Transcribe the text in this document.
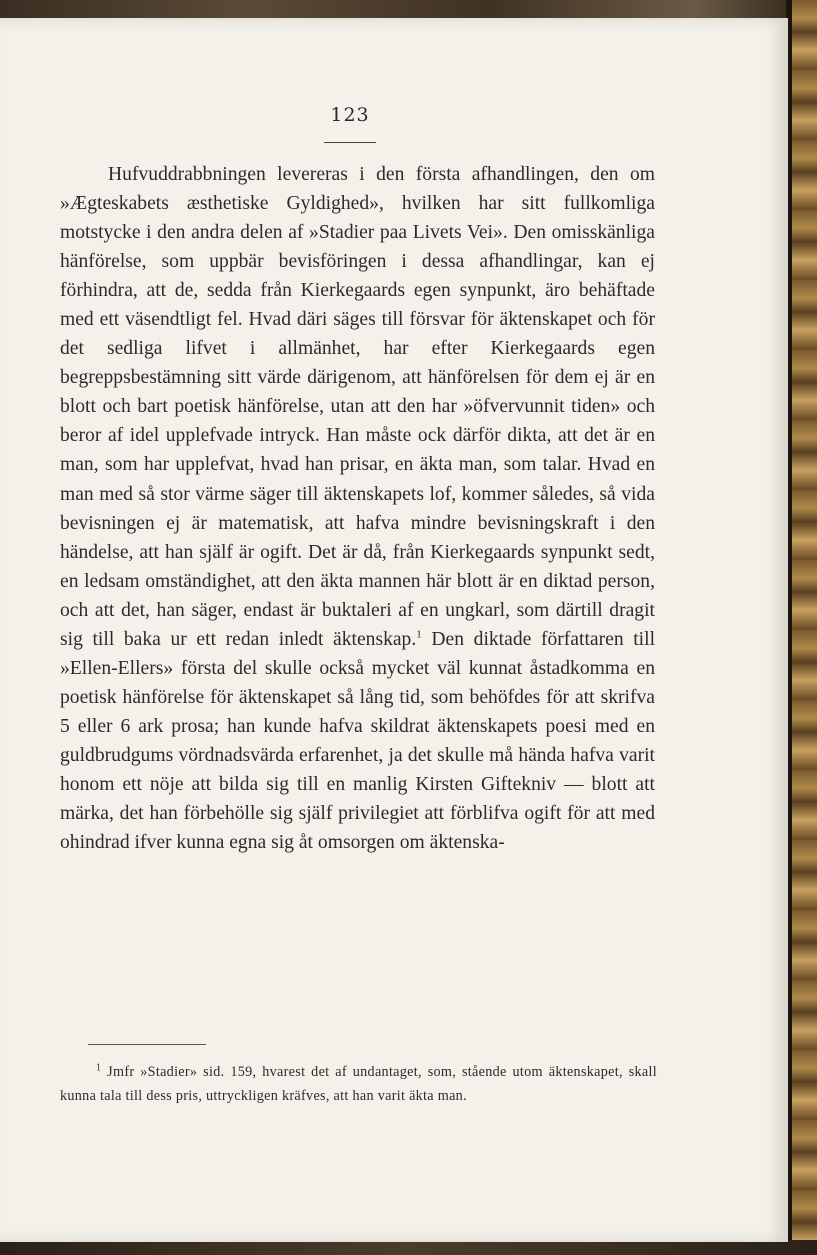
123

Hufvuddrabbningen levereras i den första afhandlingen, den om »Ægteskabets æsthetiske Gyldighed», hvilken har sitt fullkomliga motstycke i den andra delen af »Stadier paa Livets Vei». Den omisskänliga hänförelse, som uppbär bevisföringen i dessa afhandlingar, kan ej förhindra, att de, sedda från Kierkegaards egen synpunkt, äro behäftade med ett väsendtligt fel. Hvad däri säges till försvar för äktenskapet och för det sedliga lifvet i allmänhet, har efter Kierkegaards egen begreppsbestämning sitt värde därigenom, att hänförelsen för dem ej är en blott och bart poetisk hänförelse, utan att den har »öfvervunnit tiden» och beror af idel upplefvade intryck. Han måste ock därför dikta, att det är en man, som har upplefvat, hvad han prisar, en äkta man, som talar. Hvad en man med så stor värme säger till äktenskapets lof, kommer således, så vida bevisningen ej är matematisk, att hafva mindre bevisningskraft i den händelse, att han själf är ogift. Det är då, från Kierkegaards synpunkt sedt, en ledsam omständighet, att den äkta mannen här blott är en diktad person, och att det, han säger, endast är buktaleri af en ungkarl, som därtill dragit sig till baka ur ett redan inledt äktenskap.$^1$ Den diktade författaren till »Ellen-Ellers» första del skulle också mycket väl kunnat åstadkomma en poetisk hänförelse för äktenskapet så lång tid, som behöfdes för att skrifva 5 eller 6 ark prosa; han kunde hafva skildrat äktenskapets poesi med en guldbrudgums vördnadsvärda erfarenhet, ja det skulle må hända hafva varit honom ett nöje att bilda sig till en manlig Kirsten Giftekniv — blott att märka, det han förbehölle sig själf privilegiet att förblifva ogift för att med ohindrad ifver kunna egna sig åt omsorgen om äktenska-

$^1$ Jmfr »Stadier» sid. 159, hvarest det af undantaget, som, stående utom äktenskapet, skall kunna tala till dess pris, uttryckligen kräfves, att han varit äkta man.
